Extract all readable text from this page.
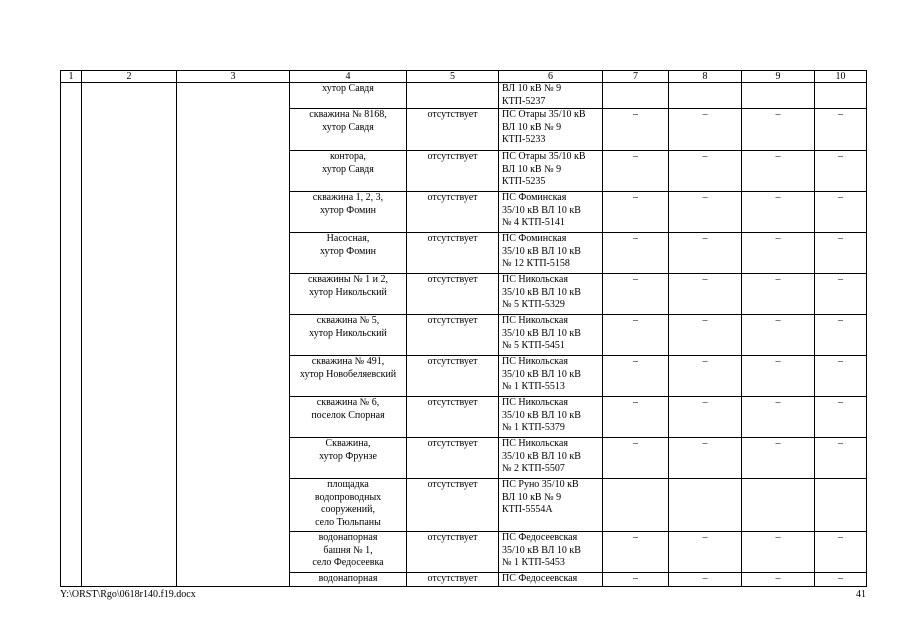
1	2	3	4	5	6	7	8	9	10

			хутор Савдя		ВЛ 10 кВ № 9
КТП-5237				

			скважина № 8168,
хутор Савдя	отсутствует	ПС Отары 35/10 кВ
ВЛ 10 кВ № 9
КТП-5233	–	–	–	–

			контора,
хутор Савдя	отсутствует	ПС Отары 35/10 кВ
ВЛ 10 кВ № 9
КТП-5235	–	–	–	–

			скважина 1, 2, 3,
хутор Фомин	отсутствует	ПС Фоминская
35/10 кВ ВЛ 10 кВ
№ 4 КТП-5141	–	–	–	–

			Насосная,
хутор Фомин	отсутствует	ПС Фоминская
35/10 кВ ВЛ 10 кВ
№ 12 КТП-5158	–	–	–	–

			скважины № 1 и 2,
хутор Никольский	отсутствует	ПС Никольская
35/10 кВ ВЛ 10 кВ
№ 5 КТП-5329	–	–	–	–

			скважина № 5,
хутор Никольский	отсутствует	ПС Никольская
35/10 кВ ВЛ 10 кВ
№ 5 КТП-5451	–	–	–	–

			скважина № 491,
хутор Новобеляевский	отсутствует	ПС Никольская
35/10 кВ ВЛ 10 кВ
№ 1 КТП-5513	–	–	–	–

			скважина № 6,
поселок Спорная	отсутствует	ПС Никольская
35/10 кВ ВЛ 10 кВ
№ 1 КТП-5379	–	–	–	–

			Скважина,
хутор Фрунзе	отсутствует	ПС Никольская
35/10 кВ ВЛ 10 кВ
№ 2 КТП-5507	–	–	–	–

			площадка
водопроводных
сооружений,
село Тюльпаны	отсутствует	ПС Руно 35/10 кВ
ВЛ 10 кВ № 9
КТП-5554А				

			водонапорная
башня № 1,
село Федосеевка	отсутствует	ПС Федосеевская
35/10 кВ ВЛ 10 кВ
№ 1 КТП-5453	–	–	–	–

			водонапорная	отсутствует	ПС Федосеевская	–	–	–	–
Y:\ORST\Rgo\0618r140.f19.docx	41
